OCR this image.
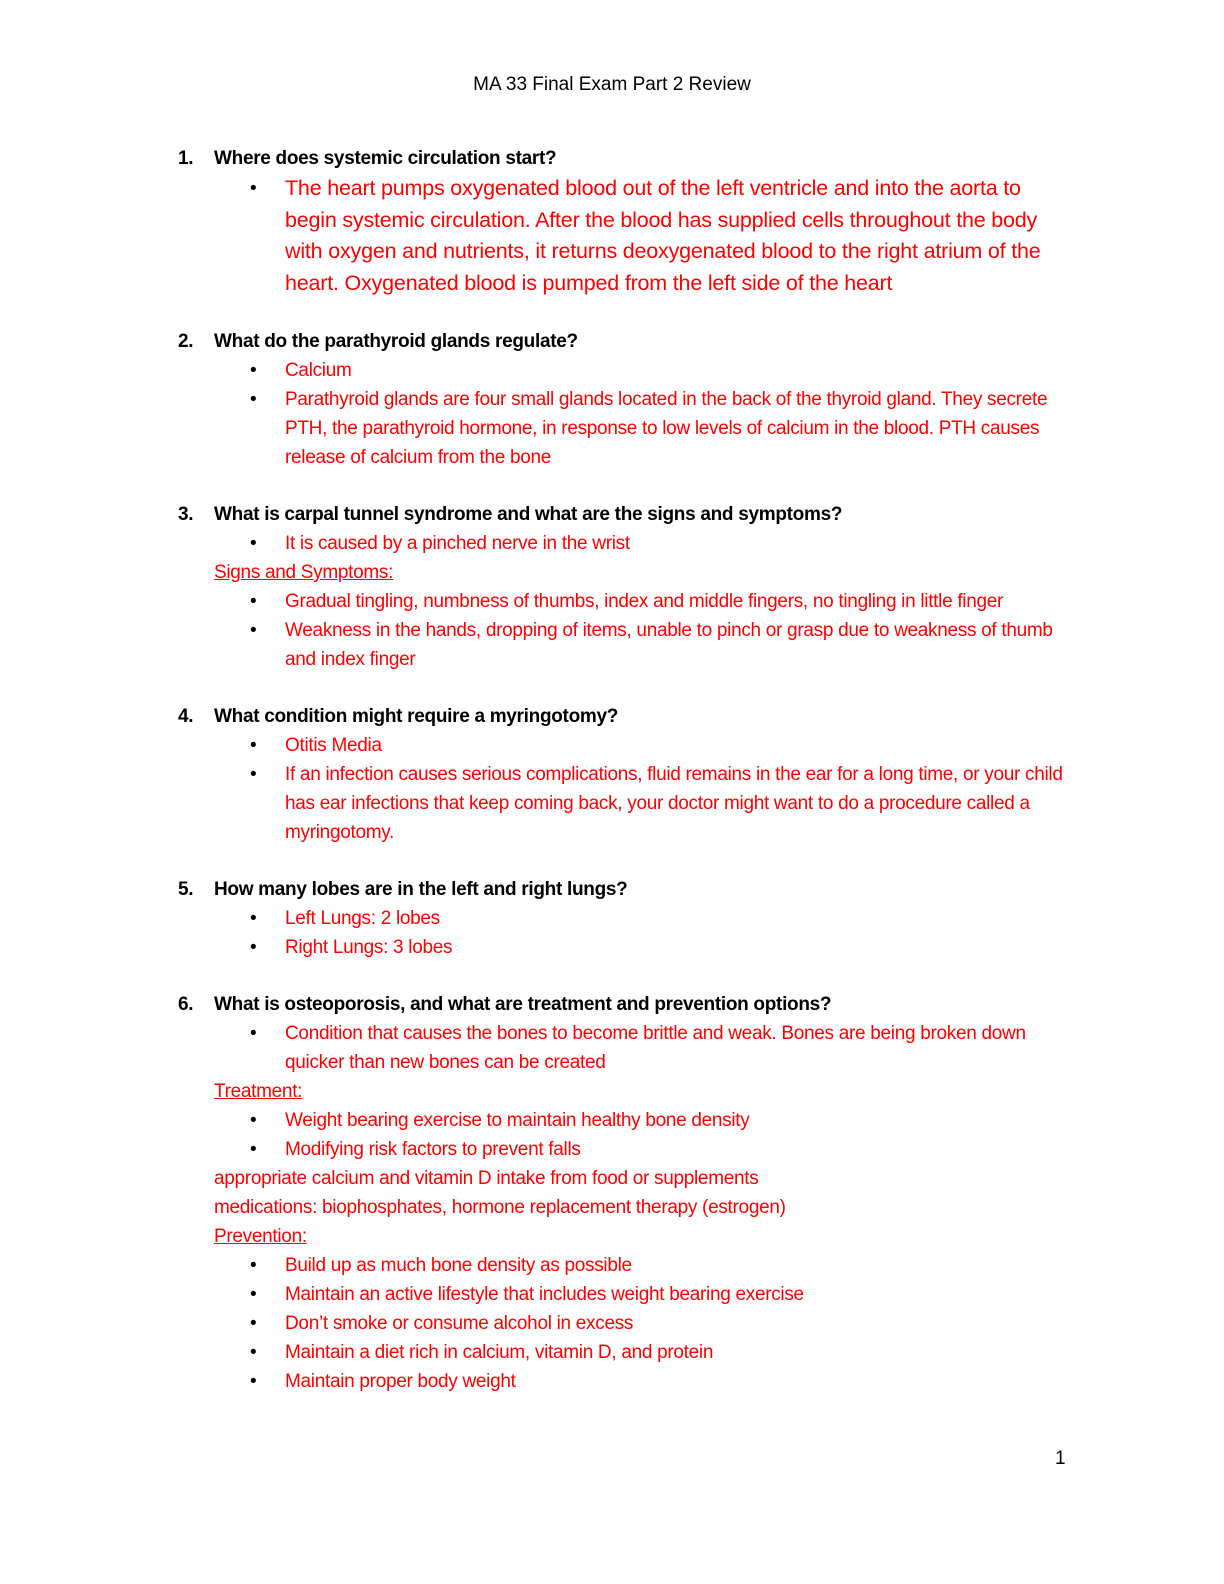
MA 33 Final Exam Part 2 Review
1. Where does systemic circulation start?
• The heart pumps oxygenated blood out of the left ventricle and into the aorta to begin systemic circulation. After the blood has supplied cells throughout the body with oxygen and nutrients, it returns deoxygenated blood to the right atrium of the heart. Oxygenated blood is pumped from the left side of the heart
2. What do the parathyroid glands regulate?
• Calcium
• Parathyroid glands are four small glands located in the back of the thyroid gland. They secrete PTH, the parathyroid hormone, in response to low levels of calcium in the blood. PTH causes release of calcium from the bone
3. What is carpal tunnel syndrome and what are the signs and symptoms?
• It is caused by a pinched nerve in the wrist
Signs and Symptoms:
• Gradual tingling, numbness of thumbs, index and middle fingers, no tingling in little finger
• Weakness in the hands, dropping of items, unable to pinch or grasp due to weakness of thumb and index finger
4. What condition might require a myringotomy?
• Otitis Media
• If an infection causes serious complications, fluid remains in the ear for a long time, or your child has ear infections that keep coming back, your doctor might want to do a procedure called a myringotomy.
5. How many lobes are in the left and right lungs?
• Left Lungs: 2 lobes
• Right Lungs: 3 lobes
6. What is osteoporosis, and what are treatment and prevention options?
• Condition that causes the bones to become brittle and weak. Bones are being broken down quicker than new bones can be created
Treatment:
• Weight bearing exercise to maintain healthy bone density
• Modifying risk factors to prevent falls
appropriate calcium and vitamin D intake from food or supplements
medications: biophosphates, hormone replacement therapy (estrogen)
Prevention:
• Build up as much bone density as possible
• Maintain an active lifestyle that includes weight bearing exercise
• Don’t smoke or consume alcohol in excess
• Maintain a diet rich in calcium, vitamin D, and protein
• Maintain proper body weight
1
